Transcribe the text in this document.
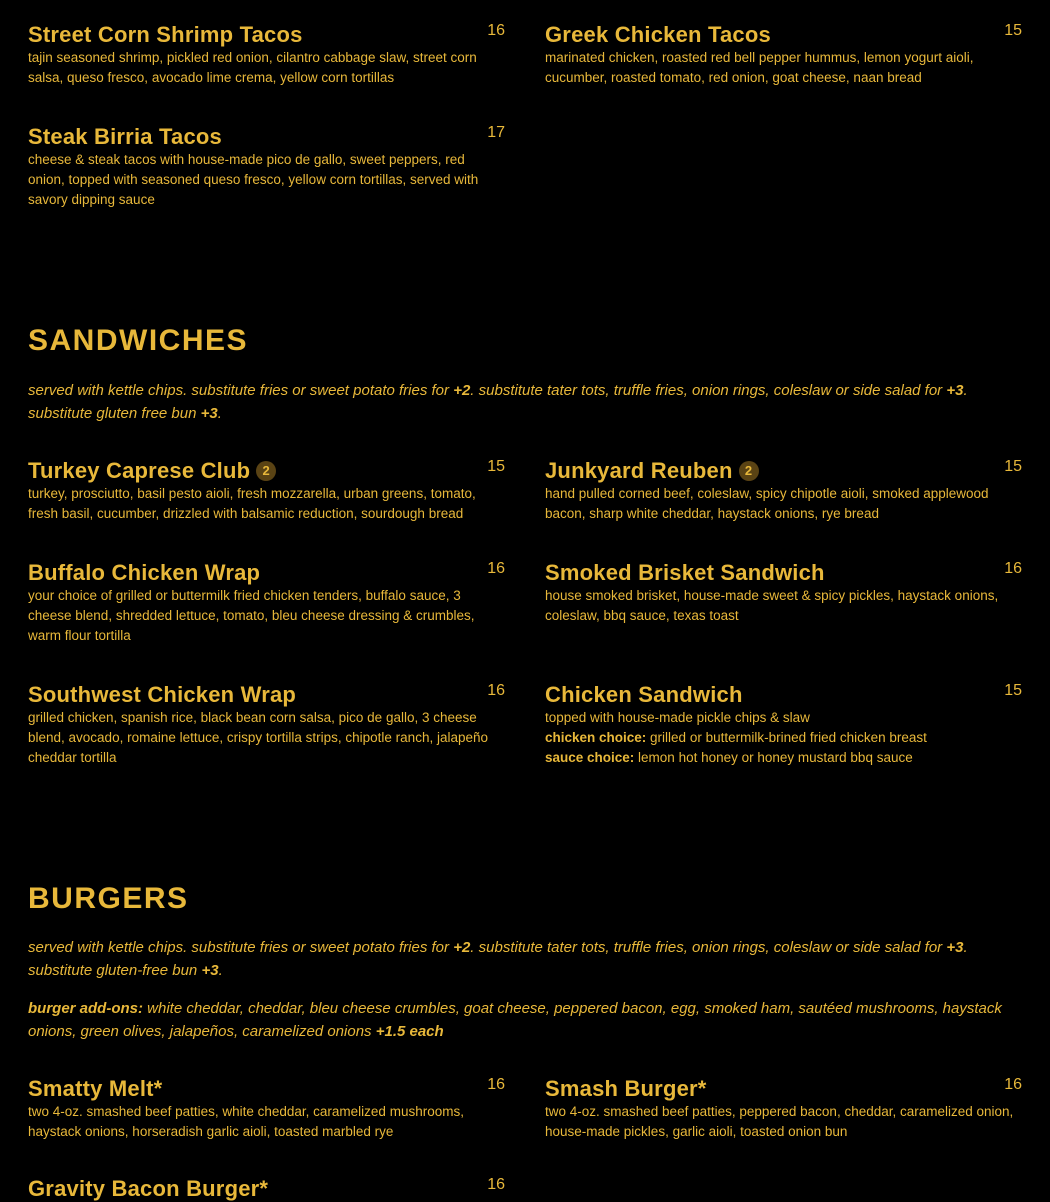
Street Corn Shrimp Tacos	16
tajin seasoned shrimp, pickled red onion, cilantro cabbage slaw, street corn salsa, queso fresco, avocado lime crema, yellow corn tortillas
Greek Chicken Tacos	15
marinated chicken, roasted red bell pepper hummus, lemon yogurt aioli, cucumber, roasted tomato, red onion, goat cheese, naan bread
Steak Birria Tacos	17
cheese & steak tacos with house-made pico de gallo, sweet peppers, red onion, topped with seasoned queso fresco, yellow corn tortillas, served with savory dipping sauce
SANDWICHES
served with kettle chips. substitute fries or sweet potato fries for +2. substitute tater tots, truffle fries, onion rings, coleslaw or side salad for +3. substitute gluten free bun +3.
Turkey Caprese Club 2	15
turkey, prosciutto, basil pesto aioli, fresh mozzarella, urban greens, tomato, fresh basil, cucumber, drizzled with balsamic reduction, sourdough bread
Junkyard Reuben 2	15
hand pulled corned beef, coleslaw, spicy chipotle aioli, smoked applewood bacon, sharp white cheddar, haystack onions, rye bread
Buffalo Chicken Wrap	16
your choice of grilled or buttermilk fried chicken tenders, buffalo sauce, 3 cheese blend, shredded lettuce, tomato, bleu cheese dressing & crumbles, warm flour tortilla
Smoked Brisket Sandwich	16
house smoked brisket, house-made sweet & spicy pickles, haystack onions, coleslaw, bbq sauce, texas toast
Southwest Chicken Wrap	16
grilled chicken, spanish rice, black bean corn salsa, pico de gallo, 3 cheese blend, avocado, romaine lettuce, crispy tortilla strips, chipotle ranch, jalapeño cheddar tortilla
Chicken Sandwich	15
topped with house-made pickle chips & slaw
chicken choice: grilled or buttermilk-brined fried chicken breast
sauce choice: lemon hot honey or honey mustard bbq sauce
BURGERS
served with kettle chips. substitute fries or sweet potato fries for +2. substitute tater tots, truffle fries, onion rings, coleslaw or side salad for +3. substitute gluten-free bun +3.
burger add-ons: white cheddar, cheddar, bleu cheese crumbles, goat cheese, peppered bacon, egg, smoked ham, sautéed mushrooms, haystack onions, green olives, jalapeños, caramelized onions +1.5 each
Smatty Melt*	16
two 4-oz. smashed beef patties, white cheddar, caramelized mushrooms, haystack onions, horseradish garlic aioli, toasted marbled rye
Smash Burger*	16
two 4-oz. smashed beef patties, peppered bacon, cheddar, caramelized onion, house-made pickles, garlic aioli, toasted onion bun
Gravity Bacon Burger*	16
